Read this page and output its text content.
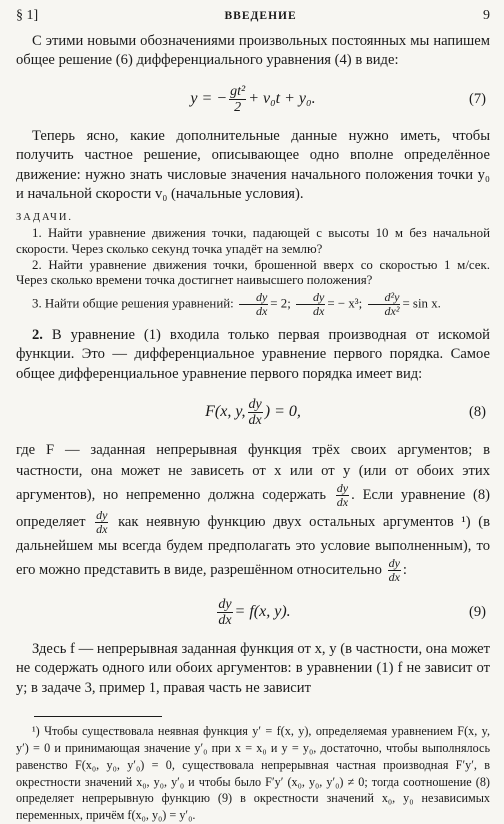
§ 1]	ВВЕДЕНИЕ	9

С этими новыми обозначениями произвольных постоянных мы напишем общее решение (6) дифференциального уравнения (4) в виде:

y = − $\frac{\text{gt²}}{2} + v_0t + y_0$.	(7)

Теперь ясно, какие дополнительные данные нужно иметь, чтобы получить частное решение, описывающее одно вполне определённое движение: нужно знать числовые значения начального положения точки y₀ и начальной скорости v₀ (начальные условия).

ЗАДАЧИ.

1. Найти уравнение движения точки, падающей с высоты 10 м без начальной скорости. Через сколько секунд точка упадёт на землю?

2. Найти уравнение движения точки, брошенной вверх со скоростью 1 м/сек. Через сколько времени точка достигнет наивысшего положения?

3. Найти общие решения уравнений: $\frac{dy}{dx} = 2$; $\frac{dy}{dx}$ = − x³; $\frac{\text{d²y}}{\text{dx²}} = \sin x$.

2. В уравнение (1) входила только первая производная от искомой функции. Это — дифференциальное уравнение первого порядка. Самое общее дифференциальное уравнение первого порядка имеет вид:

F(x, y, $\frac{dy}{dx}$ ) = 0,	(8)

где F — заданная непрерывная функция трёх своих аргументов; в частности, она может не зависеть от x или от y (или от обоих этих аргументов), но непременно должна содержать $\frac{dy}{dx}$ . Если уравнение (8) определяет $\frac{dy}{dx}$ как неявную функцию двух остальных аргументов ¹) (в дальнейшем мы всегда будем предполагать это условие выполненным), то его можно представить в виде, разрешённом относительно $\frac{dy}{dx}$ :

$\frac{dy}{dx} = f(x$, y).	(9)

Здесь f — непрерывная заданная функция от x, y (в частности, она может не содержать одного или обоих аргументов: в уравнении (1) f не зависит от y; в задаче 3, пример 1, правая часть не зависит

¹) Чтобы существовала неявная функция y′ = f(x, y), определяемая уравнением F(x, y, y′) = 0 и принимающая значение y′₀ при x = x₀ и y = y₀, достаточно, чтобы выполнялось равенство F(x₀, y₀, y′₀) = 0, существовала непрерывная частная производная F′y′, в окрестности значений x₀, y₀, y′₀ и чтобы было F′y′ (x₀, y₀, y′₀) ≠ 0; тогда соотношение (8) определяет непрерывную функцию (9) в окрестности значений x₀, y₀ независимых переменных, причём f(x₀, y₀) = y′₀.
